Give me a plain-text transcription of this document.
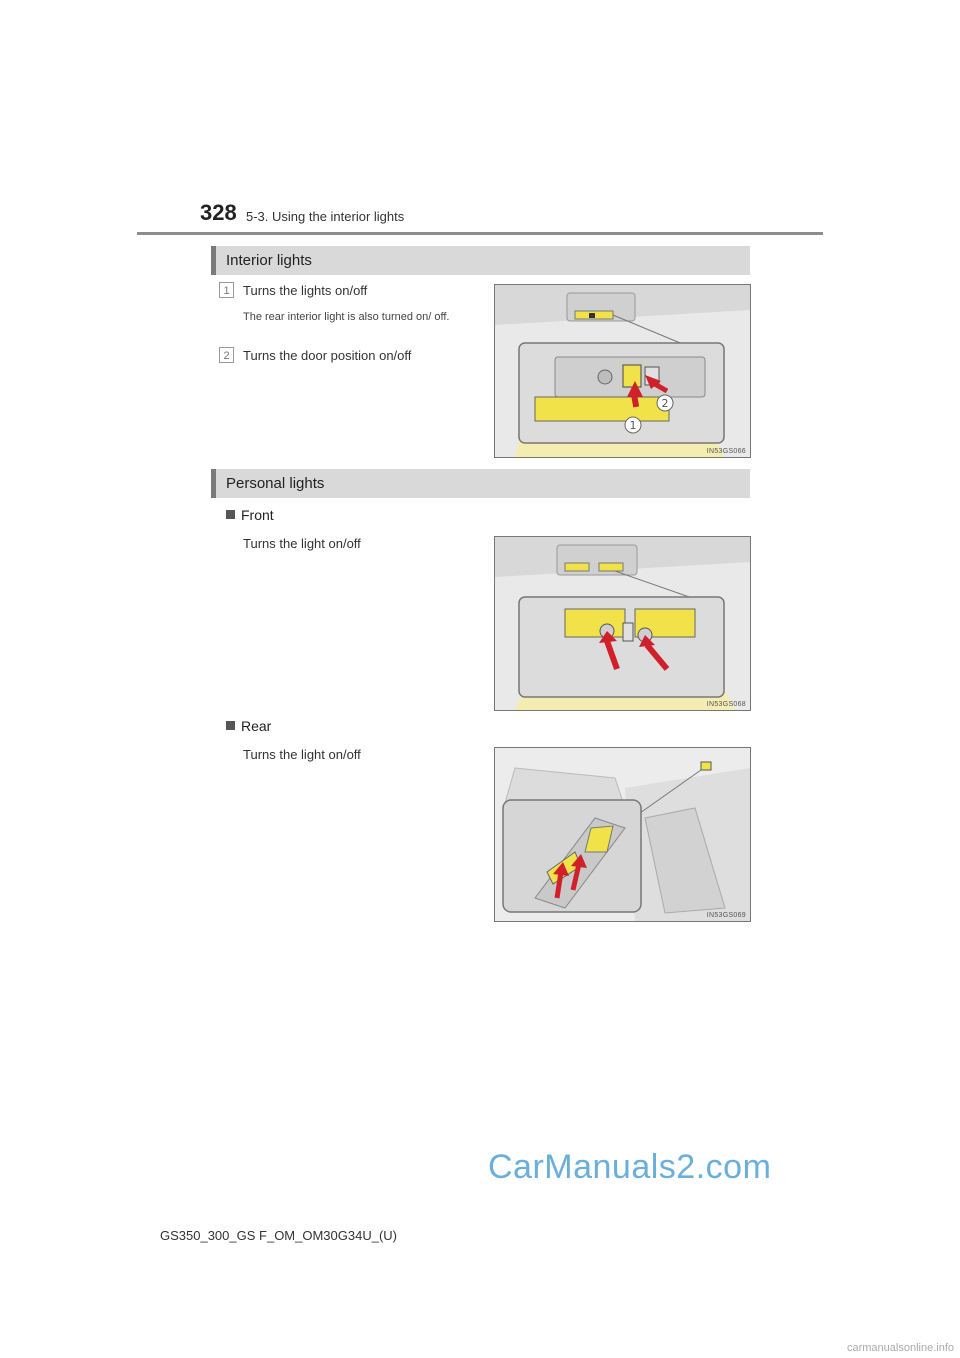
328 5-3. Using the interior lights
Interior lights
1	Turns the lights on/off
The rear interior light is also turned on/ off.
2	Turns the door position on/off
2
1
IN53GS066
Personal lights
Front
Turns the light on/off
IN53GS068
Rear
Turns the light on/off
IN53GS069
CarManuals2.com
GS350_300_GS F_OM_OM30G34U_(U)
carmanualsonline.info
